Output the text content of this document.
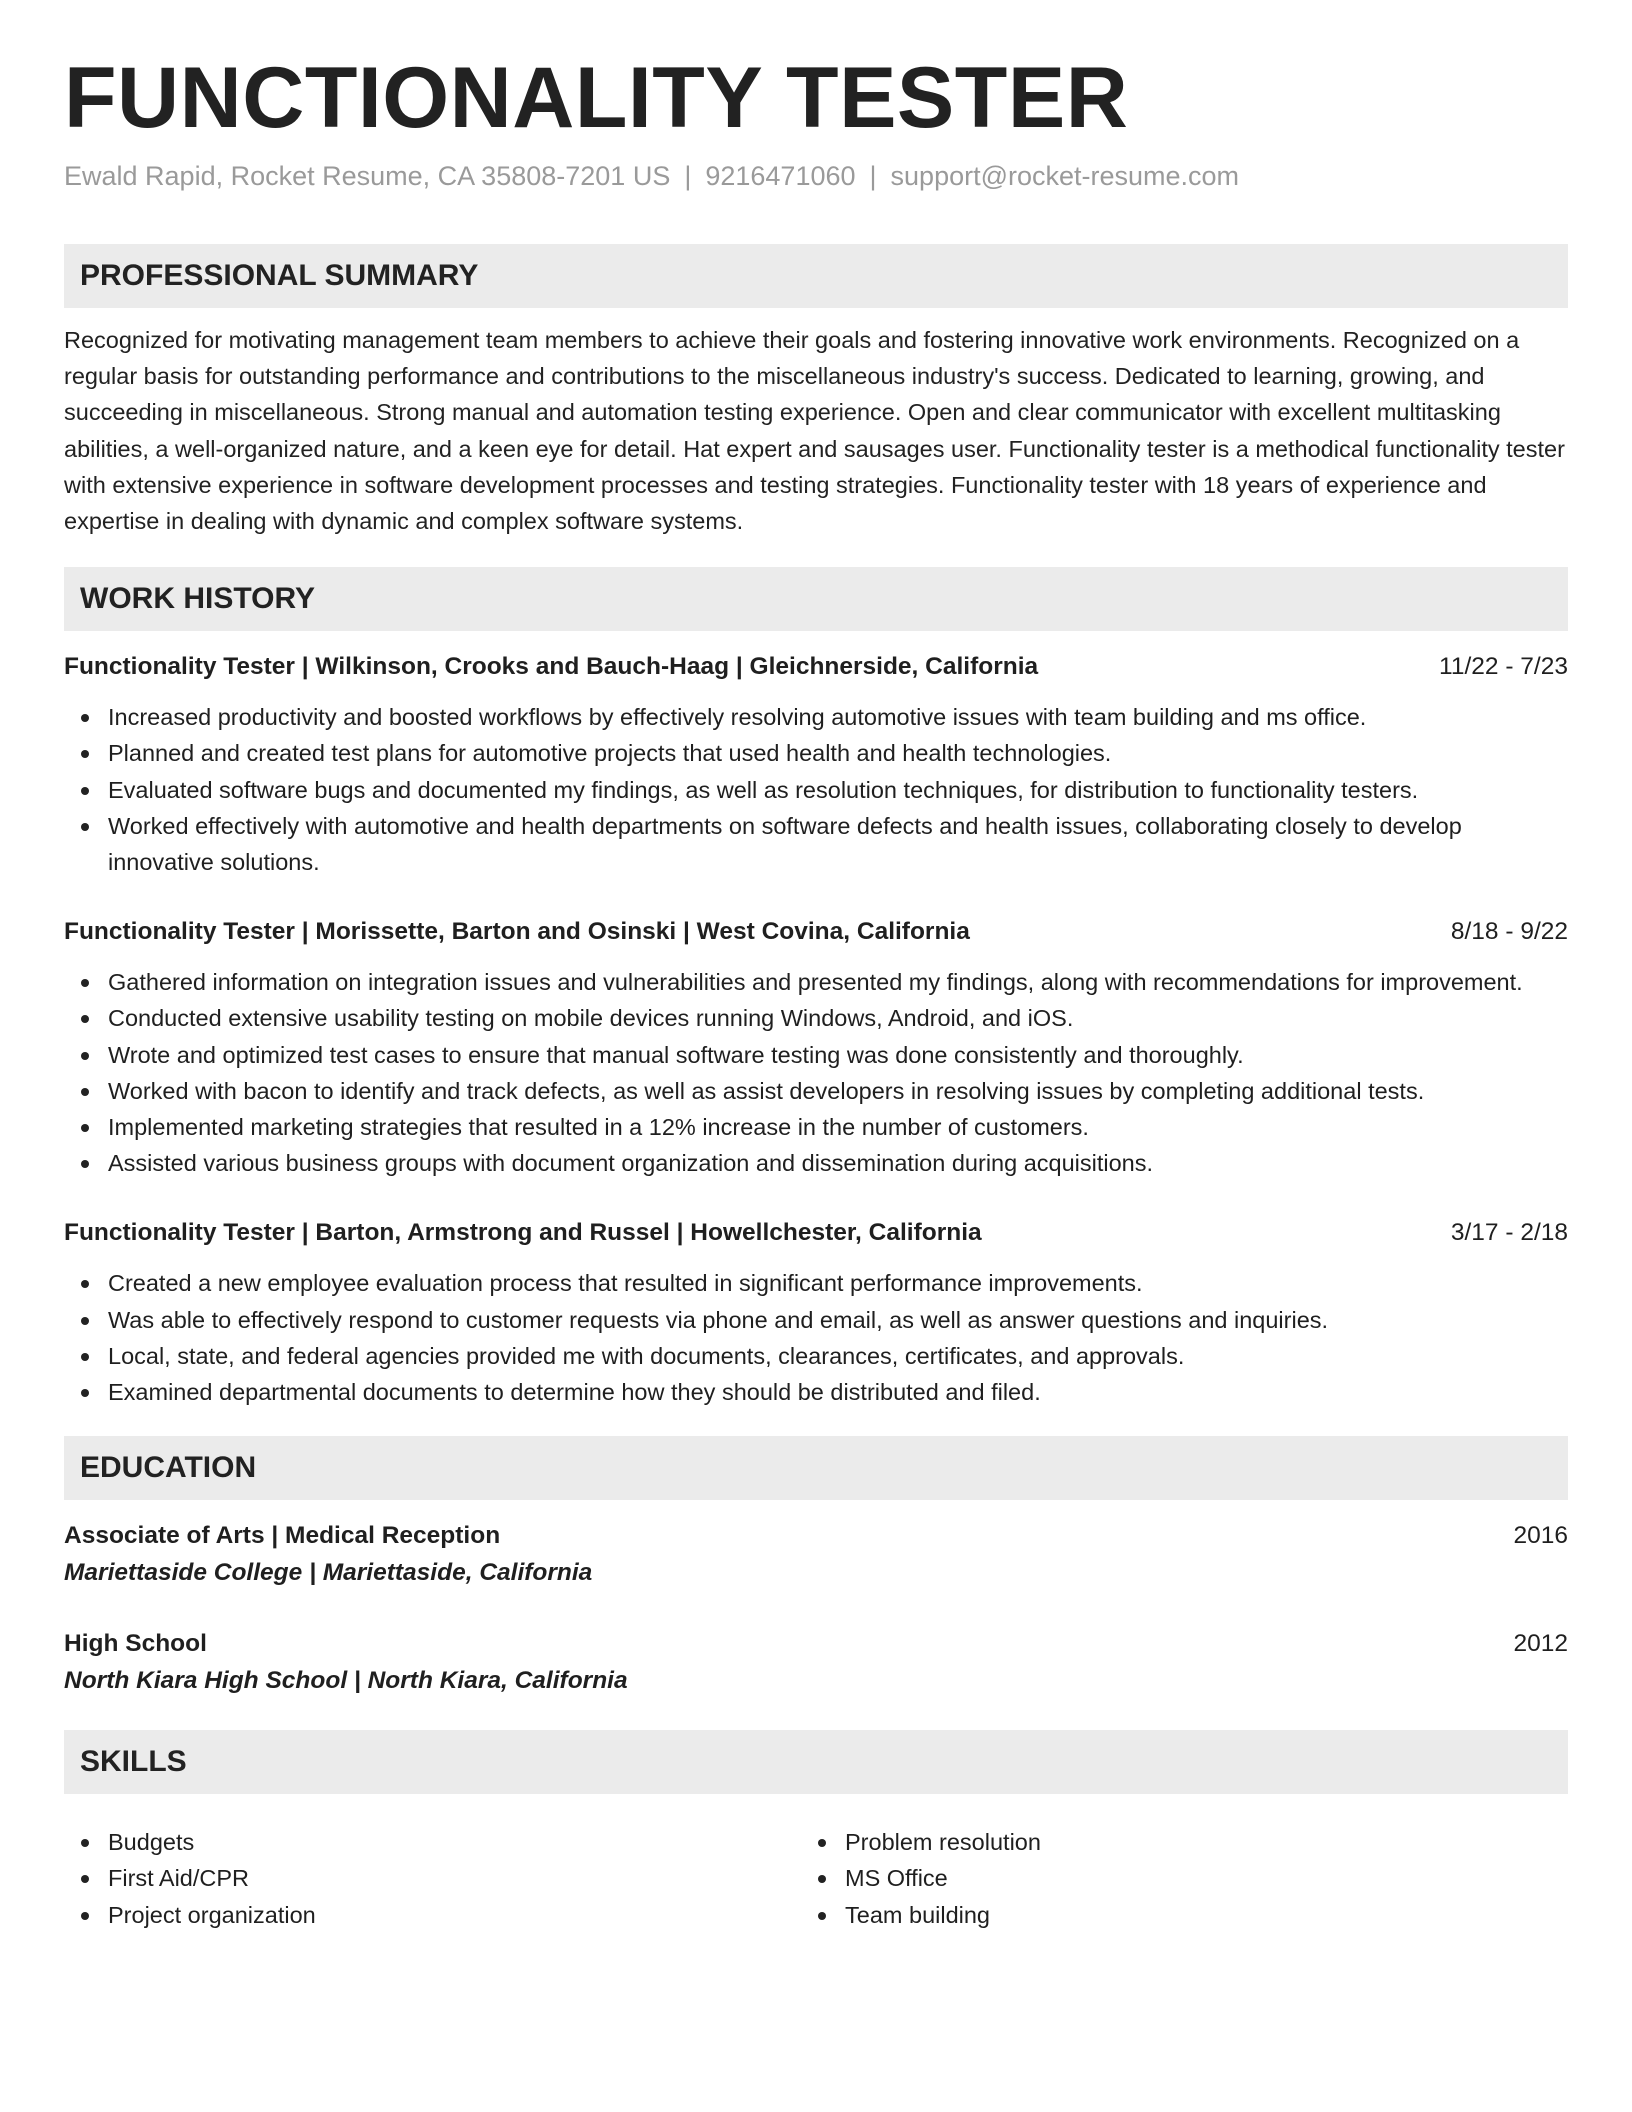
FUNCTIONALITY TESTER
Ewald Rapid, Rocket Resume, CA 35808-7201 US | 9216471060 | support@rocket-resume.com
PROFESSIONAL SUMMARY

Recognized for motivating management team members to achieve their goals and fostering innovative work environments. Recognized on a regular basis for outstanding performance and contributions to the miscellaneous industry's success. Dedicated to learning, growing, and succeeding in miscellaneous. Strong manual and automation testing experience. Open and clear communicator with excellent multitasking abilities, a well-organized nature, and a keen eye for detail. Hat expert and sausages user. Functionality tester is a methodical functionality tester with extensive experience in software development processes and testing strategies. Functionality tester with 18 years of experience and expertise in dealing with dynamic and complex software systems.

WORK HISTORY
Functionality Tester | Wilkinson, Crooks and Bauch-Haag | Gleichnerside, California	11/22 - 7/23
Increased productivity and boosted workflows by effectively resolving automotive issues with team building and ms office.
Planned and created test plans for automotive projects that used health and health technologies.
Evaluated software bugs and documented my findings, as well as resolution techniques, for distribution to functionality testers.
Worked effectively with automotive and health departments on software defects and health issues, collaborating closely to develop innovative solutions.
Functionality Tester | Morissette, Barton and Osinski | West Covina, California	8/18 - 9/22
Gathered information on integration issues and vulnerabilities and presented my findings, along with recommendations for improvement.
Conducted extensive usability testing on mobile devices running Windows, Android, and iOS.
Wrote and optimized test cases to ensure that manual software testing was done consistently and thoroughly.
Worked with bacon to identify and track defects, as well as assist developers in resolving issues by completing additional tests.
Implemented marketing strategies that resulted in a 12% increase in the number of customers.
Assisted various business groups with document organization and dissemination during acquisitions.
Functionality Tester | Barton, Armstrong and Russel | Howellchester, California	3/17 - 2/18
Created a new employee evaluation process that resulted in significant performance improvements.
Was able to effectively respond to customer requests via phone and email, as well as answer questions and inquiries.
Local, state, and federal agencies provided me with documents, clearances, certificates, and approvals.
Examined departmental documents to determine how they should be distributed and filed.
EDUCATION
Associate of Arts | Medical Reception	2016
Mariettaside College | Mariettaside, California
High School	2012
North Kiara High School | North Kiara, California
SKILLS
Budgets
First Aid/CPR
Project organization
Problem resolution
MS Office
Team building
